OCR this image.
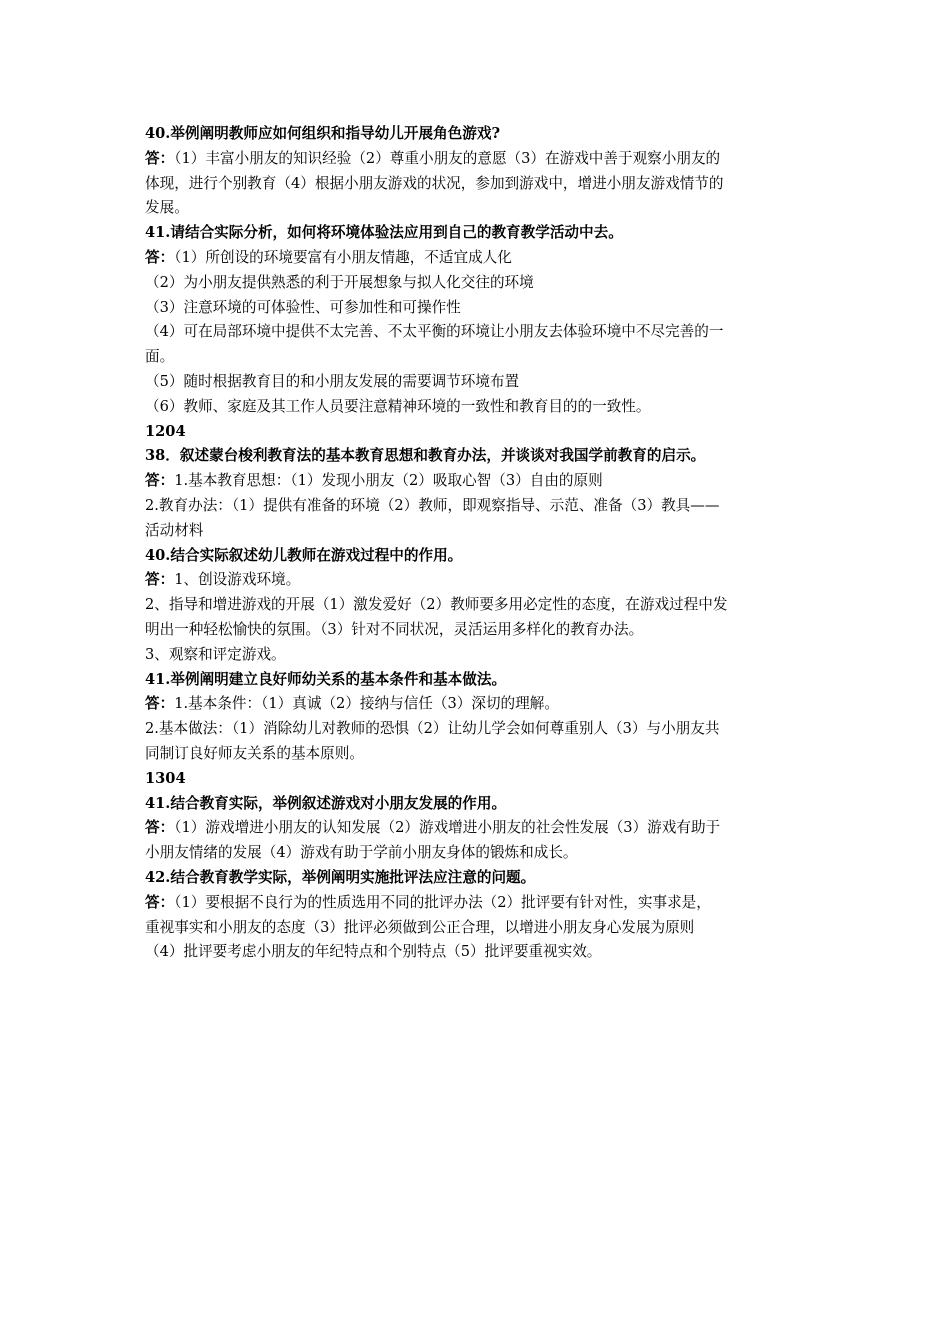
40.举例阐明教师应如何组织和指导幼儿开展角色游戏?
答：（1）丰富小朋友的知识经验（2）尊重小朋友的意愿（3）在游戏中善于观察小朋友的
体现，进行个别教育（4）根据小朋友游戏的状况，参加到游戏中，增进小朋友游戏情节的
发展。
41.请结合实际分析，如何将环境体验法应用到自己的教育教学活动中去。
答：（1）所创设的环境要富有小朋友情趣，不适宜成人化
（2）为小朋友提供熟悉的利于开展想象与拟人化交往的环境
（3）注意环境的可体验性、可参加性和可操作性
（4）可在局部环境中提供不太完善、不太平衡的环境让小朋友去体验环境中不尽完善的一
面。
（5）随时根据教育目的和小朋友发展的需要调节环境布置
（6）教师、家庭及其工作人员要注意精神环境的一致性和教育目的的一致性。
1204
38．叙述蒙台梭利教育法的基本教育思想和教育办法，并谈谈对我国学前教育的启示。
答：1.基本教育思想：（1）发现小朋友（2）吸取心智（3）自由的原则
2.教育办法：（1）提供有准备的环境（2）教师，即观察指导、示范、准备（3）教具——
活动材料
40.结合实际叙述幼儿教师在游戏过程中的作用。
答：1、创设游戏环境。
2、指导和增进游戏的开展（1）激发爱好（2）教师要多用必定性的态度，在游戏过程中发
明出一种轻松愉快的氛围。（3）针对不同状况，灵活运用多样化的教育办法。
3、观察和评定游戏。
41.举例阐明建立良好师幼关系的基本条件和基本做法。
答：1.基本条件：（1）真诚（2）接纳与信任（3）深切的理解。
2.基本做法：（1）消除幼儿对教师的恐惧（2）让幼儿学会如何尊重别人（3）与小朋友共
同制订良好师友关系的基本原则。
1304
41.结合教育实际，举例叙述游戏对小朋友发展的作用。
答：（1）游戏增进小朋友的认知发展（2）游戏增进小朋友的社会性发展（3）游戏有助于
小朋友情绪的发展（4）游戏有助于学前小朋友身体的锻炼和成长。
42.结合教育教学实际，举例阐明实施批评法应注意的问题。
答：（1）要根据不良行为的性质选用不同的批评办法（2）批评要有针对性，实事求是，
重视事实和小朋友的态度（3）批评必须做到公正合理，以增进小朋友身心发展为原则
（4）批评要考虑小朋友的年纪特点和个别特点（5）批评要重视实效。
